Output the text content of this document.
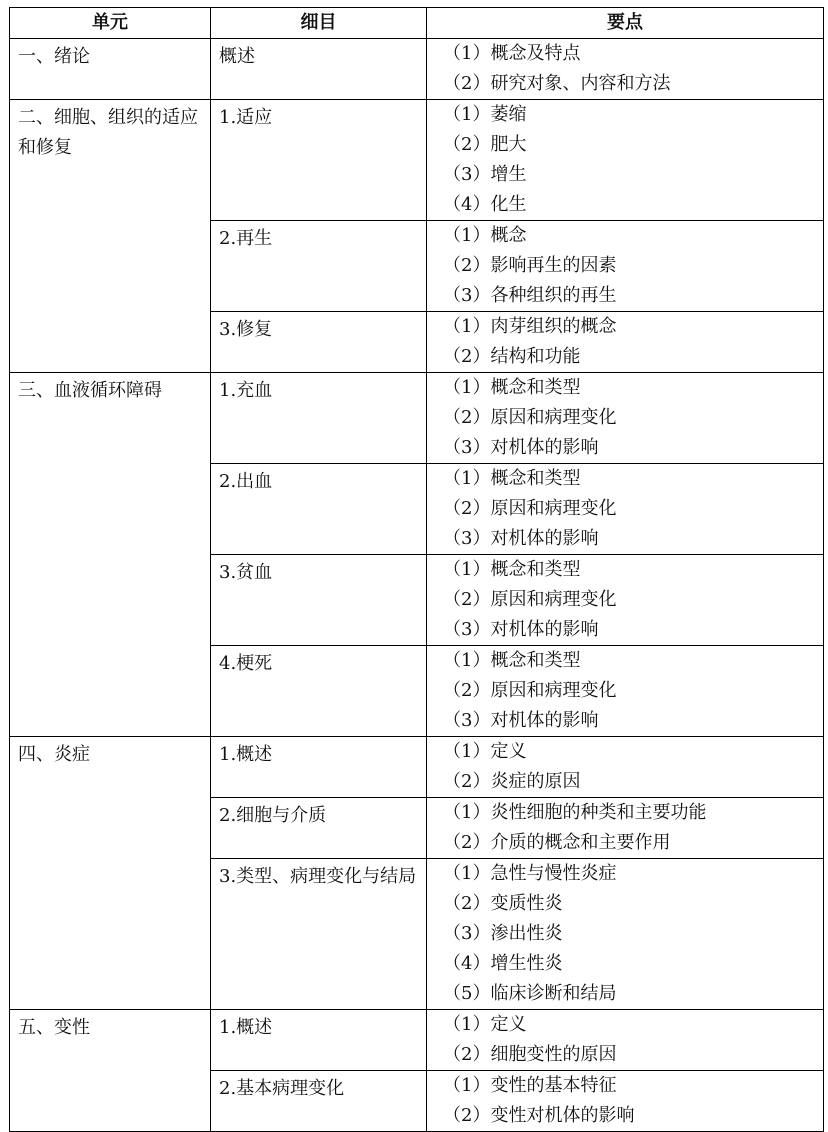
单元	细目	要点

一、绪论	概述	（1）概念及特点
（2）研究对象、内容和方法

二、细胞、组织的适应和修复	1.适应	（1）萎缩
（2）肥大
（3）增生
（4）化生

	2.再生	（1）概念
（2）影响再生的因素
（3）各种组织的再生

	3.修复	（1）肉芽组织的概念
（2）结构和功能

三、血液循环障碍	1.充血	（1）概念和类型
（2）原因和病理变化
（3）对机体的影响

	2.出血	（1）概念和类型
（2）原因和病理变化
（3）对机体的影响

	3.贫血	（1）概念和类型
（2）原因和病理变化
（3）对机体的影响

	4.梗死	（1）概念和类型
（2）原因和病理变化
（3）对机体的影响

四、炎症	1.概述	（1）定义
（2）炎症的原因

	2.细胞与介质	（1）炎性细胞的种类和主要功能
（2）介质的概念和主要作用

	3.类型、病理变化与结局	（1）急性与慢性炎症
（2）变质性炎
（3）渗出性炎
（4）增生性炎
（5）临床诊断和结局

五、变性	1.概述	（1）定义
（2）细胞变性的原因

	2.基本病理变化	（1）变性的基本特征
（2）变性对机体的影响
